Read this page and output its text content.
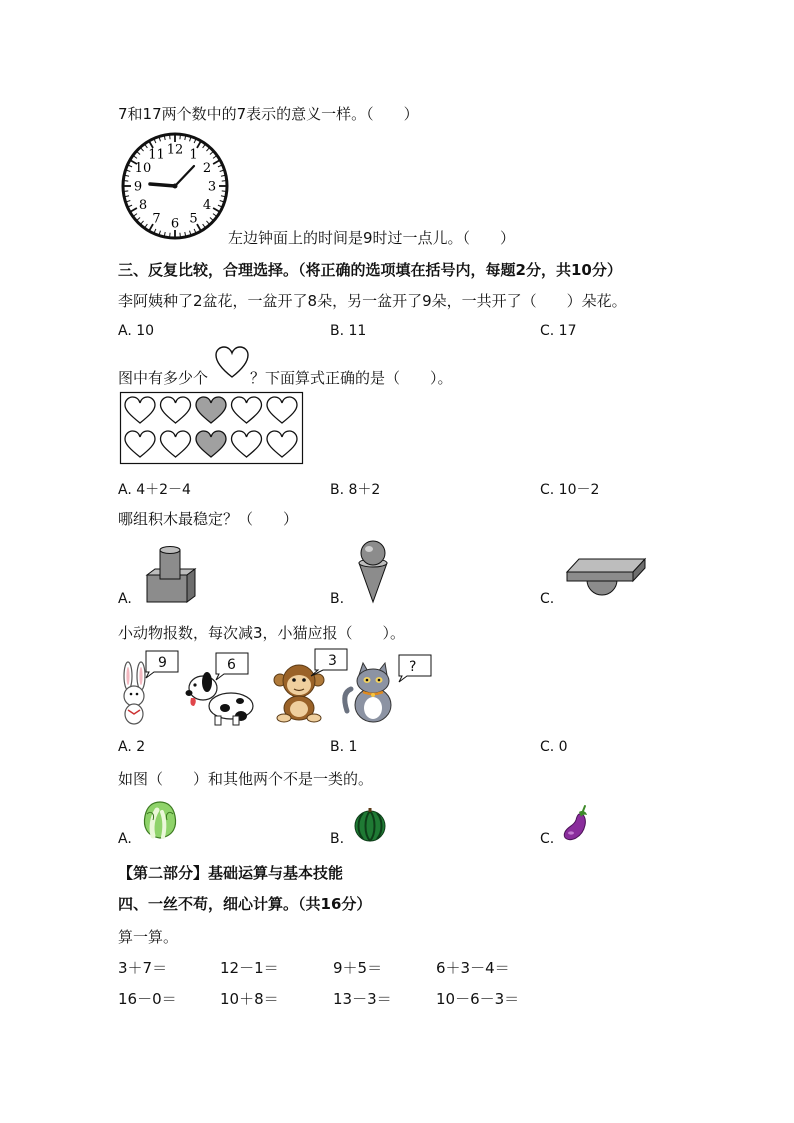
7和17两个数中的7表示的意义一样。（　　）
12 1
2
3
4
5
6
7
8
9
10
11
左边钟面上的时间是9时过一点儿。（　　）
三、反复比较，合理选择。（将正确的选项填在括号内，每题2分，共10分）
李阿姨种了2盆花，一盆开了8朵，另一盆开了9朵，一共开了（　　）朵花。
A. 10	B. 11	C. 17
图中有多少个	？下面算式正确的是（　　）。
A. 4＋2－4	B. 8＋2	C. 10－2
哪组积木最稳定？（　　）
A.	B.	C.
小动物报数，每次减3，小猫应报（　　）。
9	6	3	?
A. 2	B. 1	C. 0
如图（　　）和其他两个不是一类的。
A.	B.	C.
【第二部分】基础运算与基本技能
四、一丝不苟，细心计算。（共16分）
算一算。
3＋7＝	12－1＝	9＋5＝	6＋3－4＝
16－0＝	10＋8＝	13－3＝	10－6－3＝
